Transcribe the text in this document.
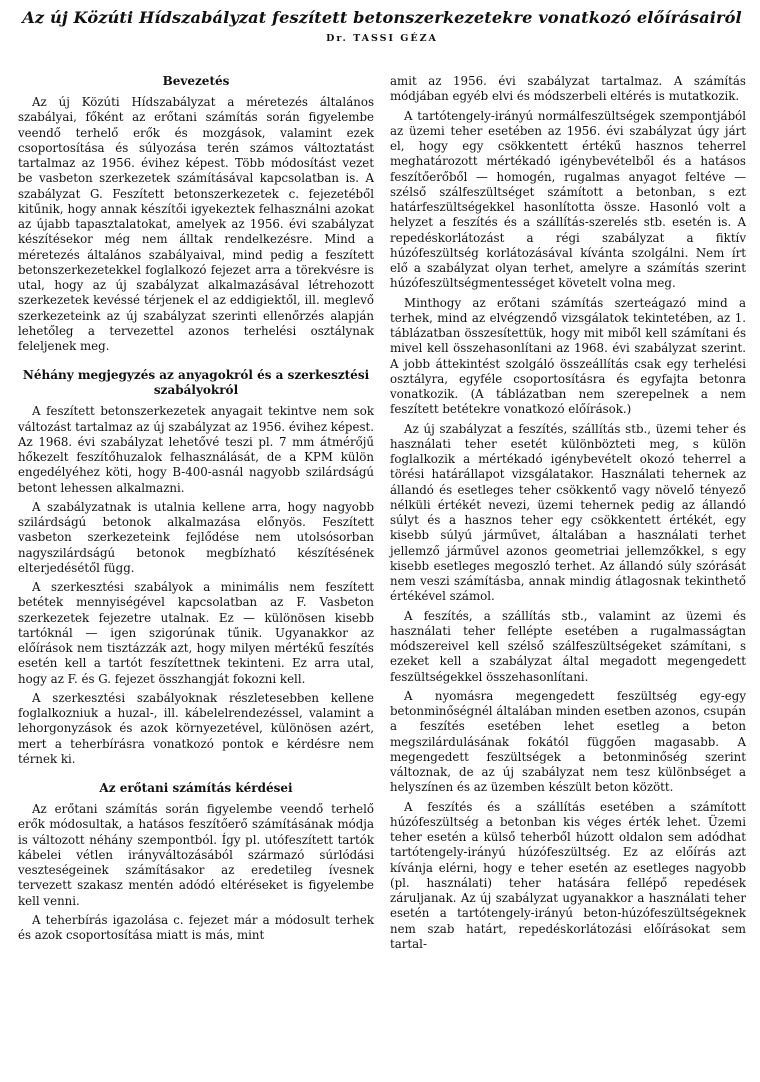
Az új Közúti Hídszabályzat feszített betonszerkezetekre vonatkozó előírásairól
Dr. TASSI GÉZA
Bevezetés

Az új Közúti Hídszabályzat a méretezés általános szabályai, főként az erőtani számítás során figyelembe veendő terhelő erők és mozgások, valamint ezek csoportosítása és súlyozása terén számos változtatást tartalmaz az 1956. évihez képest. Több módosítást vezet be vasbeton szerkezetek számításával kapcsolatban is. A szabályzat G. Feszített betonszerkezetek c. fejezetéből kitűnik, hogy annak készítői igyekeztek felhasználni azokat az újabb tapasztalatokat, amelyek az 1956. évi szabályzat készítésekor még nem álltak rendelkezésre. Mind a méretezés általános szabályaival, mind pedig a feszített betonszerkezetekkel foglalkozó fejezet arra a törekvésre is utal, hogy az új szabályzat alkalmazásával létrehozott szerkezetek kevéssé térjenek el az eddigiektől, ill. meglevő szerkezeteink az új szabályzat szerinti ellenőrzés alapján lehetőleg a tervezettel azonos terhelési osztálynak feleljenek meg.

Néhány megjegyzés az anyagokról és a szerkesztési szabályokról

A feszített betonszerkezetek anyagait tekintve nem sok változást tartalmaz az új szabályzat az 1956. évihez képest. Az 1968. évi szabályzat lehetővé teszi pl. 7 mm átmérőjű hőkezelt feszítőhuzalok felhasználását, de a KPM külön engedélyéhez köti, hogy B-400-asnál nagyobb szilárdságú betont lehessen alkalmazni.

A szabályzatnak is utalnia kellene arra, hogy nagyobb szilárdságú betonok alkalmazása előnyös. Feszített vasbeton szerkezeteink fejlődése nem utolsósorban nagyszilárdságú betonok megbízható készítésének elterjedésétől függ.

A szerkesztési szabályok a minimális nem feszített betétek mennyiségével kapcsolatban az F. Vasbeton szerkezetek fejezetre utalnak. Ez — különösen kisebb tartóknál — igen szigorúnak tűnik. Ugyanakkor az előírások nem tisztázzák azt, hogy milyen mértékű feszítés esetén kell a tartót feszítettnek tekinteni. Ez arra utal, hogy az F. és G. fejezet összhangját fokozni kell.

A szerkesztési szabályoknak részletesebben kellene foglalkozniuk a huzal-, ill. kábelelrendezéssel, valamint a lehorgonyzások és azok környezetével, különösen azért, mert a teherbírásra vonatkozó pontok e kérdésre nem térnek ki.

Az erőtani számítás kérdései

Az erőtani számítás során figyelembe veendő terhelő erők módosultak, a hatásos feszítőerő számításának módja is változott néhány szempontból. Így pl. utófeszített tartók kábelei vétlen irányváltozásából származó súrlódási veszteségeinek számításakor az eredetileg ívesnek tervezett szakasz mentén adódó eltéréseket is figyelembe kell venni.

A teherbírás igazolása c. fejezet már a módosult terhek és azok csoportosítása miatt is más, mint

amit az 1956. évi szabályzat tartalmaz. A számítás módjában egyéb elvi és módszerbeli eltérés is mutatkozik.

A tartótengely-irányú normálfeszültségek szempontjából az üzemi teher esetében az 1956. évi szabályzat úgy járt el, hogy egy csökkentett értékű hasznos teherrel meghatározott mértékadó igénybevételből és a hatásos feszítőerőből — homogén, rugalmas anyagot feltéve — szélső szálfeszültséget számított a betonban, s ezt határfeszültségekkel hasonlította össze. Hasonló volt a helyzet a feszítés és a szállítás-szerelés stb. esetén is. A repedéskorlátozást a régi szabályzat a fiktív húzófeszültség korlátozásával kívánta szolgálni. Nem írt elő a szabályzat olyan terhet, amelyre a számítás szerint húzófeszültségmentességet követelt volna meg.

Minthogy az erőtani számítás szerteágazó mind a terhek, mind az elvégzendő vizsgálatok tekintetében, az 1. táblázatban összesítettük, hogy mit miből kell számítani és mivel kell összehasonlítani az 1968. évi szabályzat szerint. A jobb áttekintést szolgáló összeállítás csak egy terhelési osztályra, egyféle csoportosításra és egyfajta betonra vonatkozik. (A táblázatban nem szerepelnek a nem feszített betétekre vonatkozó előírások.)

Az új szabályzat a feszítés, szállítás stb., üzemi teher és használati teher esetét különbözteti meg, s külön foglalkozik a mértékadó igénybevételt okozó teherrel a törési határállapot vizsgálatakor. Használati tehernek az állandó és esetleges teher csökkentő vagy növelő tényező nélküli értékét nevezi, üzemi tehernek pedig az állandó súlyt és a hasznos teher egy csökkentett értékét, egy kisebb súlyú járművet, általában a használati terhet jellemző járművel azonos geometriai jellemzőkkel, s egy kisebb esetleges megoszló terhet. Az állandó súly szórását nem veszi számításba, annak mindig átlagosnak tekinthető értékével számol.

A feszítés, a szállítás stb., valamint az üzemi és használati teher fellépte esetében a rugalmasságtan módszereivel kell szélső szálfeszültségeket számítani, s ezeket kell a szabályzat által megadott megengedett feszültségekkel összehasonlítani.

A nyomásra megengedett feszültség egy-egy betonminőségnél általában minden esetben azonos, csupán a feszítés esetében lehet esetleg a beton megszilárdulásának fokától függően magasabb. A megengedett feszültségek a betonminőség szerint változnak, de az új szabályzat nem tesz különbséget a helyszínen és az üzemben készült beton között.

A feszítés és a szállítás esetében a számított húzófeszültség a betonban kis véges érték lehet. Üzemi teher esetén a külső teherből húzott oldalon sem adódhat tartótengely-irányú húzófeszültség. Ez az előírás azt kívánja elérni, hogy e teher esetén az esetleges nagyobb (pl. használati) teher hatására fellépő repedések záruljanak. Az új szabályzat ugyanakkor a használati teher esetén a tartótengely-irányú beton-húzófeszültségeknek nem szab határt, repedéskorlátozási előírásokat sem tartal-
